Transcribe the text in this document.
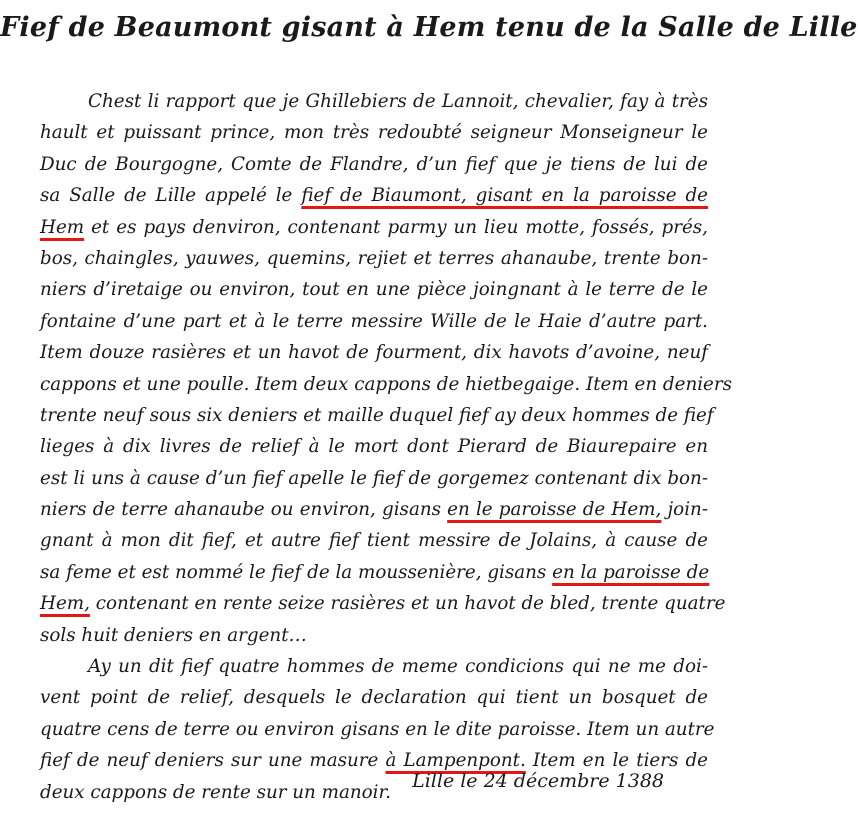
Fief de Beaumont gisant à Hem tenu de la Salle de Lille
Chest li rapport que je Ghillebiers de Lannoit, chevalier, fay à très
hault et puissant prince, mon très redoubté seigneur Monseigneur le
Duc de Bourgogne, Comte de Flandre, d’un fief que je tiens de lui de
sa Salle de Lille appelé le fief de Biaumont, gisant en la paroisse de
Hem et es pays denviron, contenant parmy un lieu motte, fossés, prés,
bos, chaingles, yauwes, quemins, rejiet et terres ahanaube, trente bon-
niers d’iretaige ou environ, tout en une pièce joingnant à le terre de le
fontaine d’une part et à le terre messire Wille de le Haie d’autre part.
Item douze rasières et un havot de fourment, dix havots d’avoine, neuf
cappons et une poulle. Item deux cappons de hietbegaige. Item en deniers
trente neuf sous six deniers et maille duquel fief ay deux hommes de fief
lieges à dix livres de relief à le mort dont Pierard de Biaurepaire en
est li uns à cause d’un fief apelle le fief de gorgemez contenant dix bon-
niers de terre ahanaube ou environ, gisans en le paroisse de Hem, join-
gnant à mon dit fief, et autre fief tient messire de Jolains, à cause de
sa feme et est nommé le fief de la moussenière, gisans en la paroisse de
Hem, contenant en rente seize rasières et un havot de bled, trente quatre
sols huit deniers en argent…
Ay un dit fief quatre hommes de meme condicions qui ne me doi-
vent point de relief, desquels le declaration qui tient un bosquet de
quatre cens de terre ou environ gisans en le dite paroisse. Item un autre
fief de neuf deniers sur une masure à Lampenpont. Item en le tiers de
deux cappons de rente sur un manoir.

Lille le 24 décembre 1388
